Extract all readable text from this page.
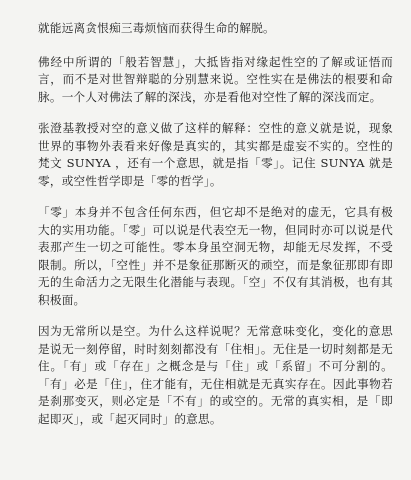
就能远离贪恨痴三毒烦恼而获得生命的解脱。

佛经中所谓的「般若智慧」，大抵皆指对缘起性空的了解或证悟而言，而不是对世智辩聪的分别慧来说。空性实在是佛法的根要和命脉。一个人对佛法了解的深浅，亦是看他对空性了解的深浅而定。

张澄基教授对空的意义做了这样的解释：空性的意义就是说，现象世界的事物外表看来好像是真实的，其实都是虚妄不实的。空性的梵文 SUNYA ，还有一个意思，就是指「零」。记住 SUNYA 就是零，或空性哲学即是「零的哲学」。

「零」本身并不包含任何东西，但它却不是绝对的虚无，它具有极大的实用功能。「零」可以说是代表空无一物，但同时亦可以说是代表那产生一切之可能性。零本身虽空洞无物，却能无尽发挥，不受限制。所以，「空性」并不是象征那断灭的顽空，而是象征那即有即无的生命活力之无限生化潜能与表现。「空」不仅有其消极，也有其积极面。

因为无常所以是空。为什么这样说呢？无常意味变化，变化的意思是说无一刻停留，时时刻刻都没有「住相」。无住是一切时刻都是无住。「有」或「存在」之概念是与「住」或「系留」不可分割的。「有」必是「住」，住才能有，无住相就是无真实存在。因此事物若是刹那变灭，则必定是「不有」的或空的。无常的真实相，是「即起即灭」，或「起灭同时」的意思。
